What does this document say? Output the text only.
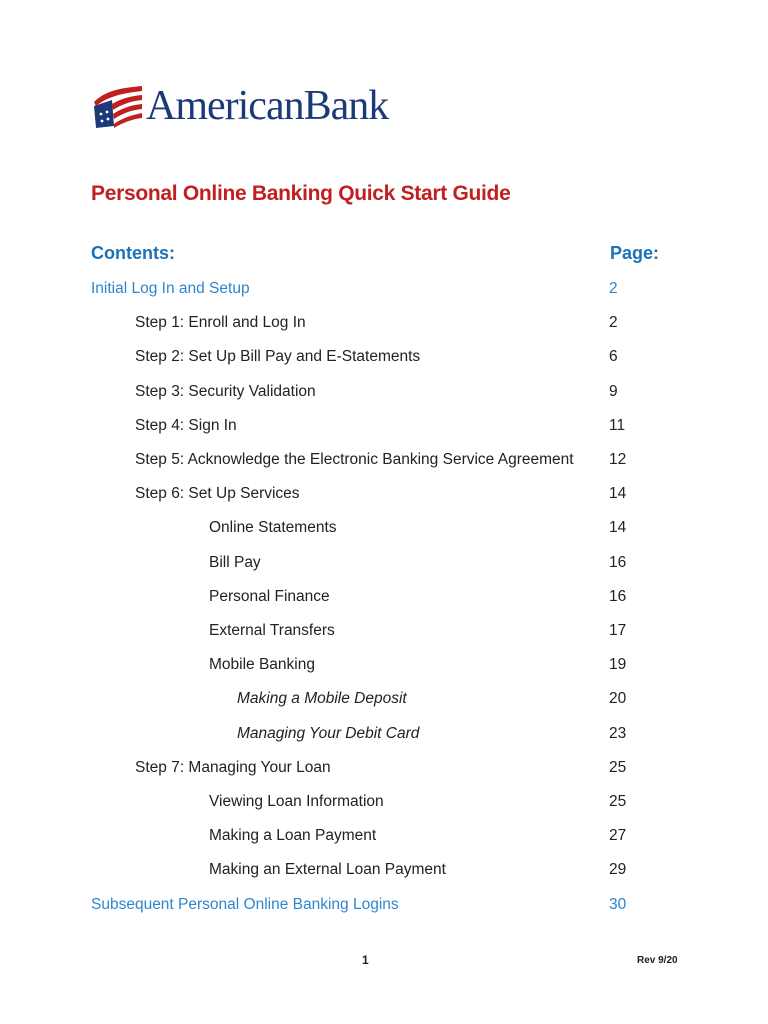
AmericanBank
Personal Online Banking Quick Start Guide
Contents:	Page:
Initial Log In and Setup	2
Step 1: Enroll and Log In	2
Step 2: Set Up Bill Pay and E-Statements	6
Step 3: Security Validation	9
Step 4: Sign In	11
Step 5: Acknowledge the Electronic Banking Service Agreement 12
Step 6: Set Up Services	14
Online Statements	14
Bill Pay	16
Personal Finance	16
External Transfers	17
Mobile Banking	19
Making a Mobile Deposit	20
Managing Your Debit Card	23
Step 7: Managing Your Loan	25
Viewing Loan Information	25
Making a Loan Payment	27
Making an External Loan Payment	29
Subsequent Personal Online Banking Logins	30
1	Rev 9/20
